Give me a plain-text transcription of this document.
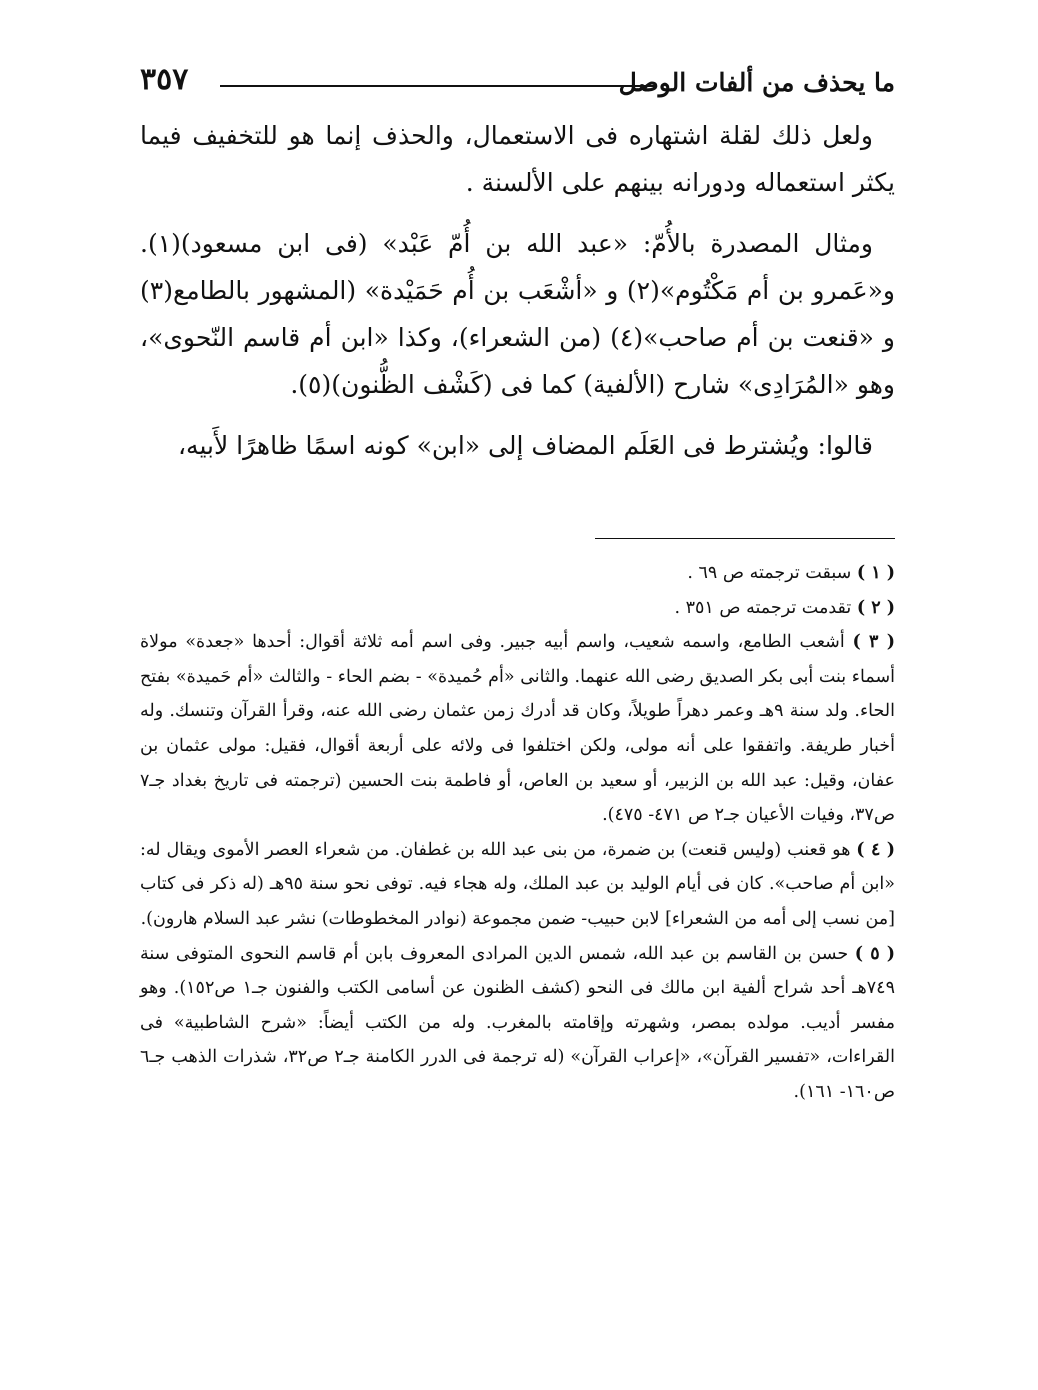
ما يحذف من ألفات الوصل
٣٥٧

ولعل ذلك لقلة اشتهاره فى الاستعمال، والحذف إنما هو للتخفيف فيما يكثر استعماله ودورانه بينهم على الألسنة .

ومثال المصدرة بالأُمّ: «عبد الله بن أُمّ عَبْد» (فى ابن مسعود)(١). و«عَمرو بن أم مَكْتُوم»(٢) و «أشْعَب بن أُم حَمَيْدة» (المشهور بالطامع(٣) و «قنعت بن أم صاحب»(٤) (من الشعراء)، وكذا «ابن أم قاسم النّحوى»، وهو «المُرَادِى» شارح (الألفية) كما فى (كَشْف الظُّنون)(٥).

قالوا: ويُشترط فى العَلَم المضاف إلى «ابن» كونه اسمًا ظاهرًا لأَبيه،

( ١ ) سبقت ترجمته ص ٦٩ .

( ٢ ) تقدمت ترجمته ص ٣٥١ .

( ٣ ) أشعب الطامع، واسمه شعيب، واسم أبيه جبير. وفى اسم أمه ثلاثة أقوال: أحدها «جعدة» مولاة أسماء بنت أبى بكر الصديق رضى الله عنهما. والثانى «أم حُميدة» - بضم الحاء - والثالث «أم حَميدة» بفتح الحاء. ولد سنة ٩هـ وعمر دهراً طويلاً، وكان قد أدرك زمن عثمان رضى الله عنه، وقرأ القرآن وتنسك. وله أخبار طريفة. واتفقوا على أنه مولى، ولكن اختلفوا فى ولائه على أربعة أقوال، فقيل: مولى عثمان بن عفان، وقيل: عبد الله بن الزبير، أو سعيد بن العاص، أو فاطمة بنت الحسين (ترجمته فى تاريخ بغداد جـ٧ ص٣٧، وفيات الأعيان جـ٢ ص ٤٧١- ٤٧٥).

( ٤ ) هو قعنب (وليس قنعت) بن ضمرة، من بنى عبد الله بن غطفان. من شعراء العصر الأموى ويقال له: «ابن أم صاحب». كان فى أيام الوليد بن عبد الملك، وله هجاء فيه. توفى نحو سنة ٩٥هـ (له ذكر فى كتاب [من نسب إلى أمه من الشعراء] لابن حبيب- ضمن مجموعة (نوادر المخطوطات) نشر عبد السلام هارون).

( ٥ ) حسن بن القاسم بن عبد الله، شمس الدين المرادى المعروف بابن أم قاسم النحوى المتوفى سنة ٧٤٩هـ أحد شراح ألفية ابن مالك فى النحو (كشف الظنون عن أسامى الكتب والفنون جـ١ ص١٥٢). وهو مفسر أديب. مولده بمصر، وشهرته وإقامته بالمغرب. وله من الكتب أيضاً: «شرح الشاطبية» فى القراءات، «تفسير القرآن»، «إعراب القرآن» (له ترجمة فى الدرر الكامنة جـ٢ ص٣٢، شذرات الذهب جـ٦ ص١٦٠- ١٦١).
